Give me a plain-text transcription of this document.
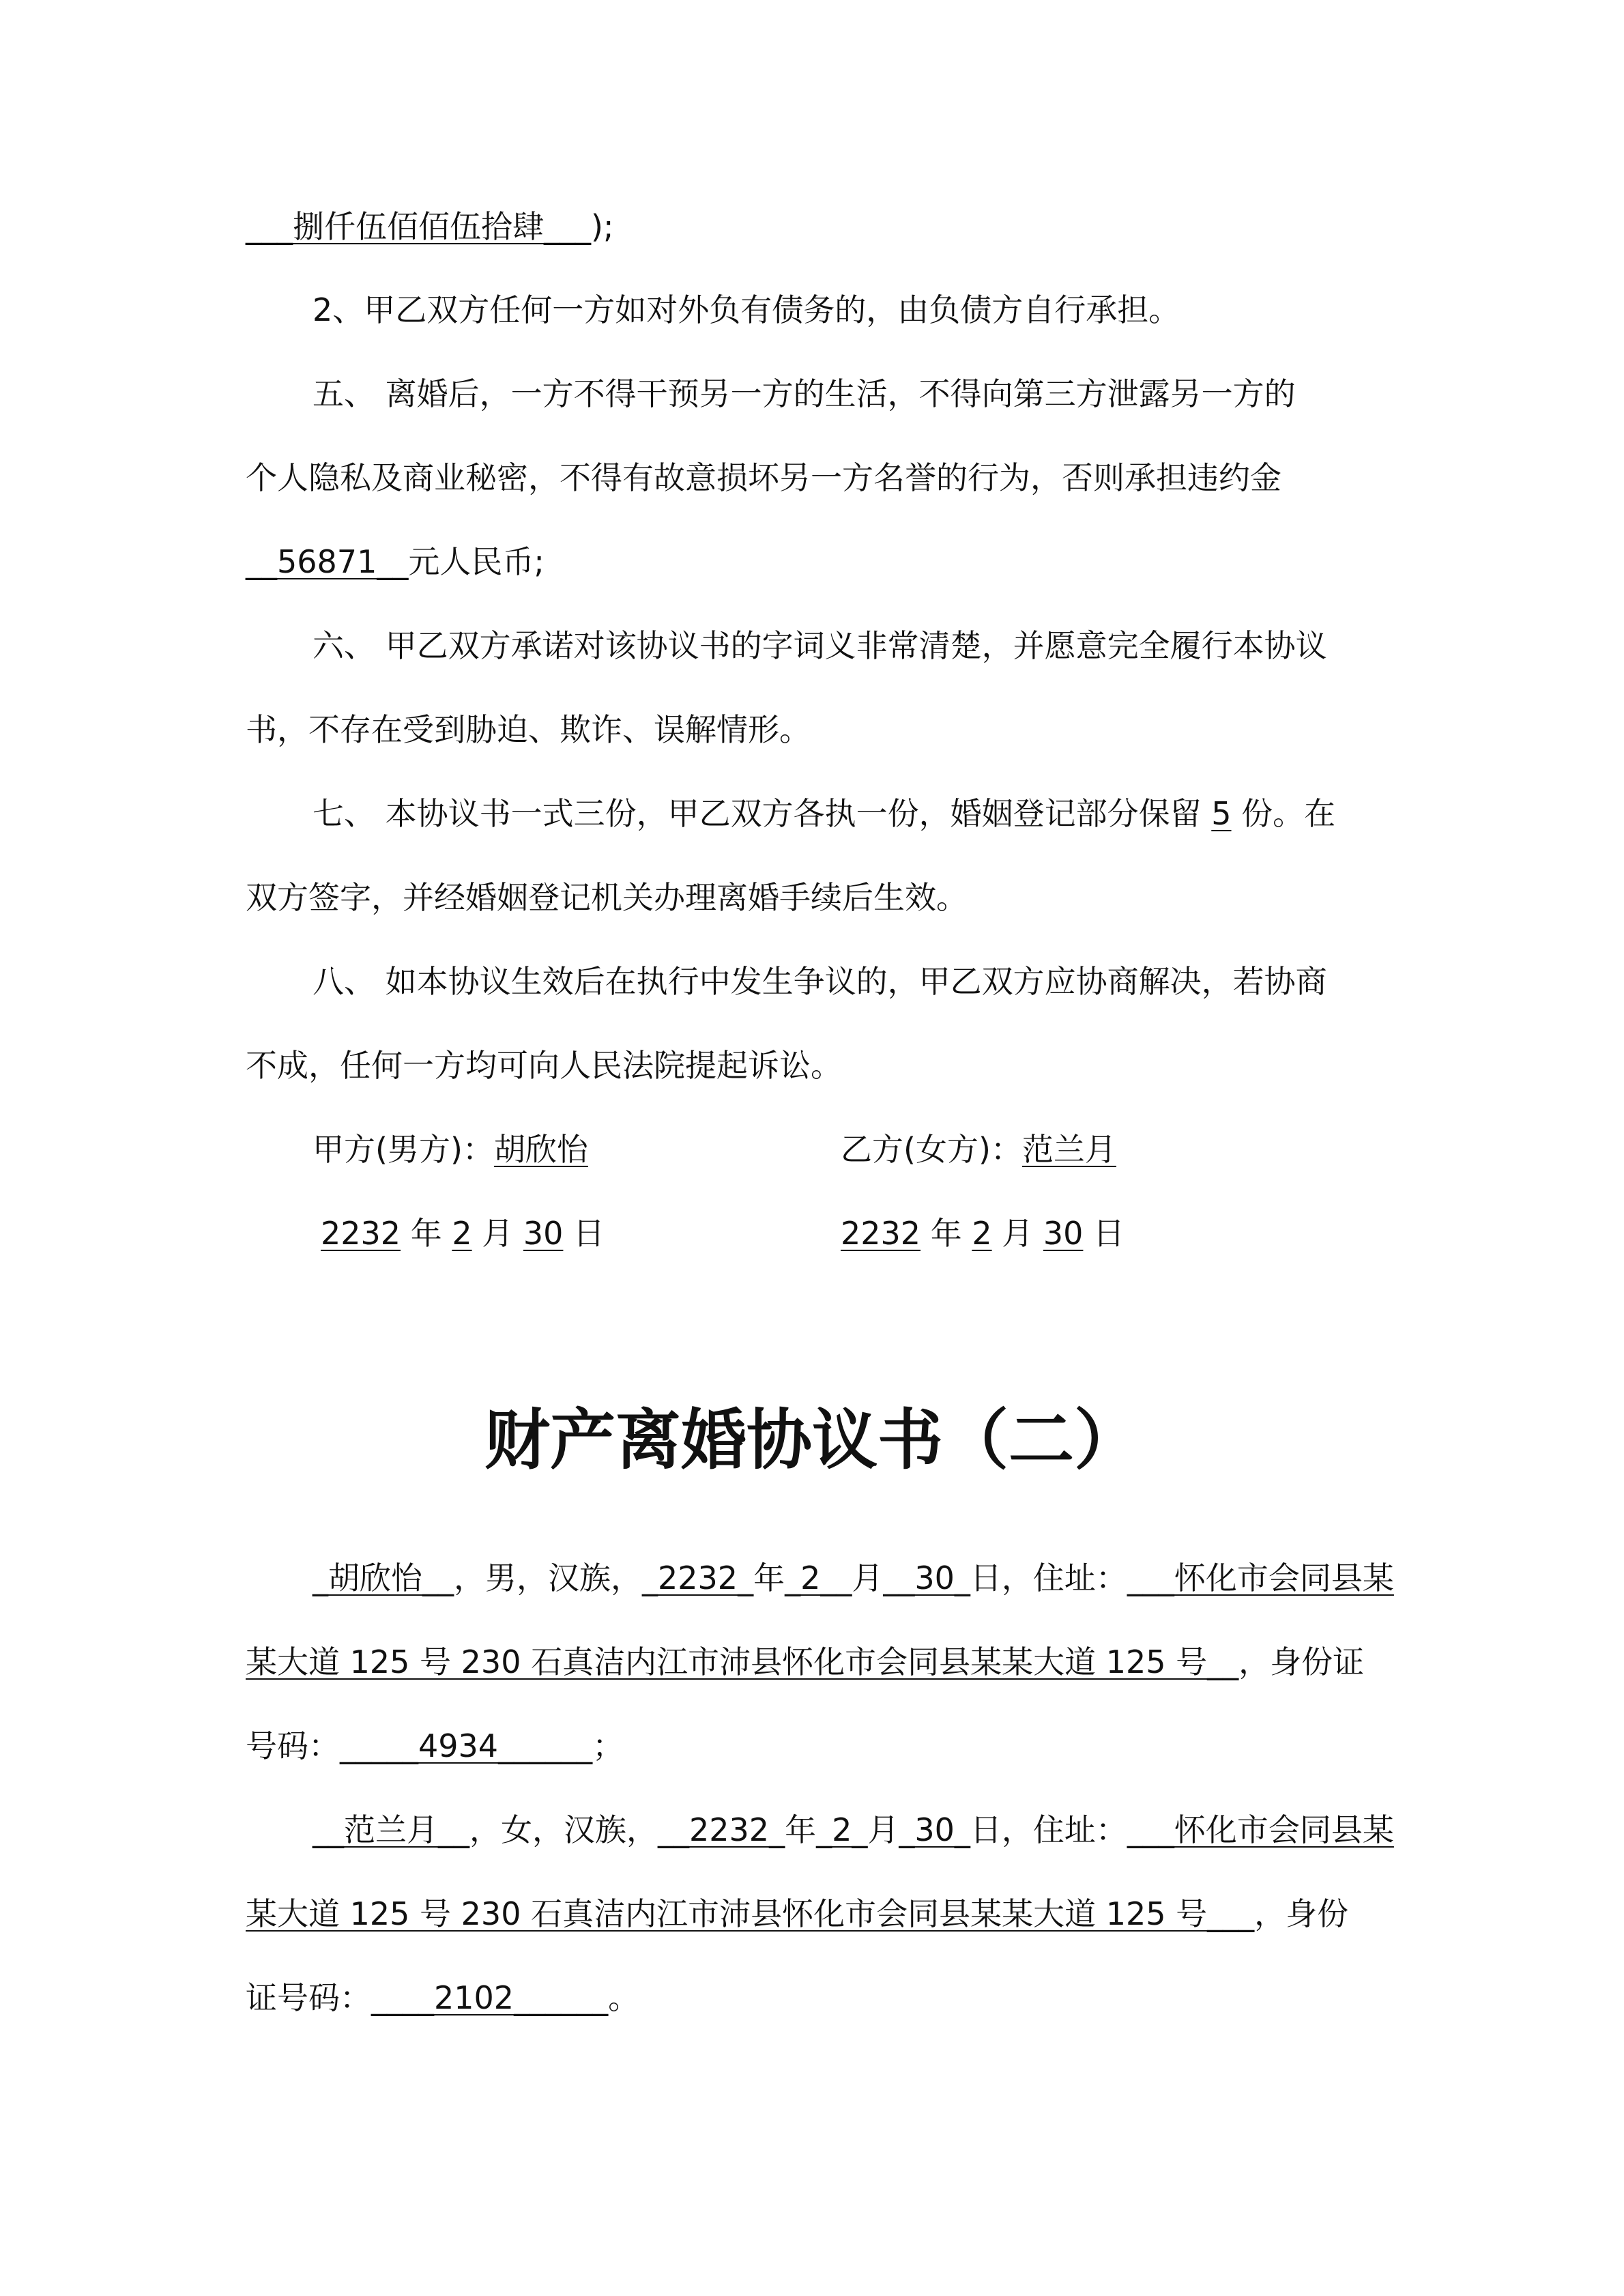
___捌仟伍佰佰伍拾肆___);
2、甲乙双方任何一方如对外负有债务的，由负债方自行承担。
五、 离婚后，一方不得干预另一方的生活，不得向第三方泄露另一方的
个人隐私及商业秘密，不得有故意损坏另一方名誉的行为，否则承担违约金
__56871__元人民币;
六、 甲乙双方承诺对该协议书的字词义非常清楚，并愿意完全履行本协议
书，不存在受到胁迫、欺诈、误解情形。
七、 本协议书一式三份，甲乙双方各执一份，婚姻登记部分保留 5 份。在
双方签字，并经婚姻登记机关办理离婚手续后生效。
八、 如本协议生效后在执行中发生争议的，甲乙双方应协商解决，若协商
不成，任何一方均可向人民法院提起诉讼。
甲方(男方)：胡欣怡	乙方(女方)：范兰月
2232 年 2 月 30 日	2232 年 2 月 30 日
财产离婚协议书（二）
_胡欣怡__，男，汉族，_2232_年_2__月__30_日，住址：___怀化市会同县某
某大道 125 号 230 石真洁内江市沛县怀化市会同县某某大道 125 号__，身份证
号码：_____4934______；
__范兰月__，女，汉族，__2232_年_2_月_30_日，住址：___怀化市会同县某
某大道 125 号 230 石真洁内江市沛县怀化市会同县某某大道 125 号___，身份
证号码：____2102______。
